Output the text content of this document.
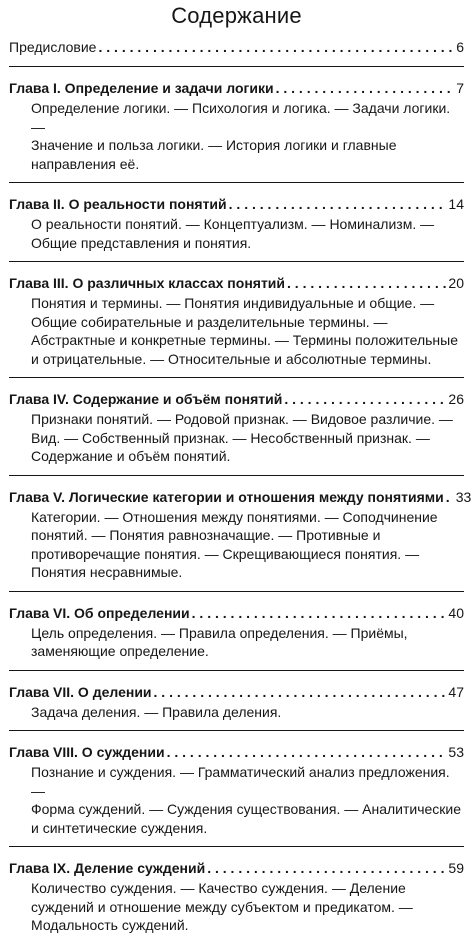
Содержание
Предисловие . . .	6
Глава I. Определение и задачи логики . . .	7
Определение логики. — Психология и логика. — Задачи логики. —
Значение и польза логики. — История логики и главные
направления её.
Глава II. О реальности понятий . . .	14
О реальности понятий. — Концептуализм. — Номинализм. —
Общие представления и понятия.
Глава III. О различных классах понятий . . .	20
Понятия и термины. — Понятия индивидуальные и общие. —
Общие собирательные и разделительные термины. —
Абстрактные и конкретные термины. — Термины положительные
и отрицательные. — Относительные и абсолютные термины.
Глава IV. Содержание и объём понятий . . .	26
Признаки понятий. — Родовой признак. — Видовое различие. —
Вид. — Собственный признак. — Несобственный признак. —
Содержание и объём понятий.
Глава V. Логические категории и отношения между понятиями . . . 33
Категории. — Отношения между понятиями. — Соподчинение
понятий. — Понятия равнозначащие. — Противные и
противоречащие понятия. — Скрещивающиеся понятия. —
Понятия несравнимые.
Глава VI. Об определении . . .	40
Цель определения. — Правила определения. — Приёмы,
заменяющие определение.
Глава VII. О делении . . .	47
Задача деления. — Правила деления.
Глава VIII. О суждении . . .	53
Познание и суждения. — Грамматический анализ предложения. —
Форма суждений. — Суждения существования. — Аналитические
и синтетические суждения.
Глава IX. Деление суждений . . .	59
Количество суждения. — Качество суждения. — Деление
суждений и отношение между субъектом и предикатом. —
Модальность суждений.
